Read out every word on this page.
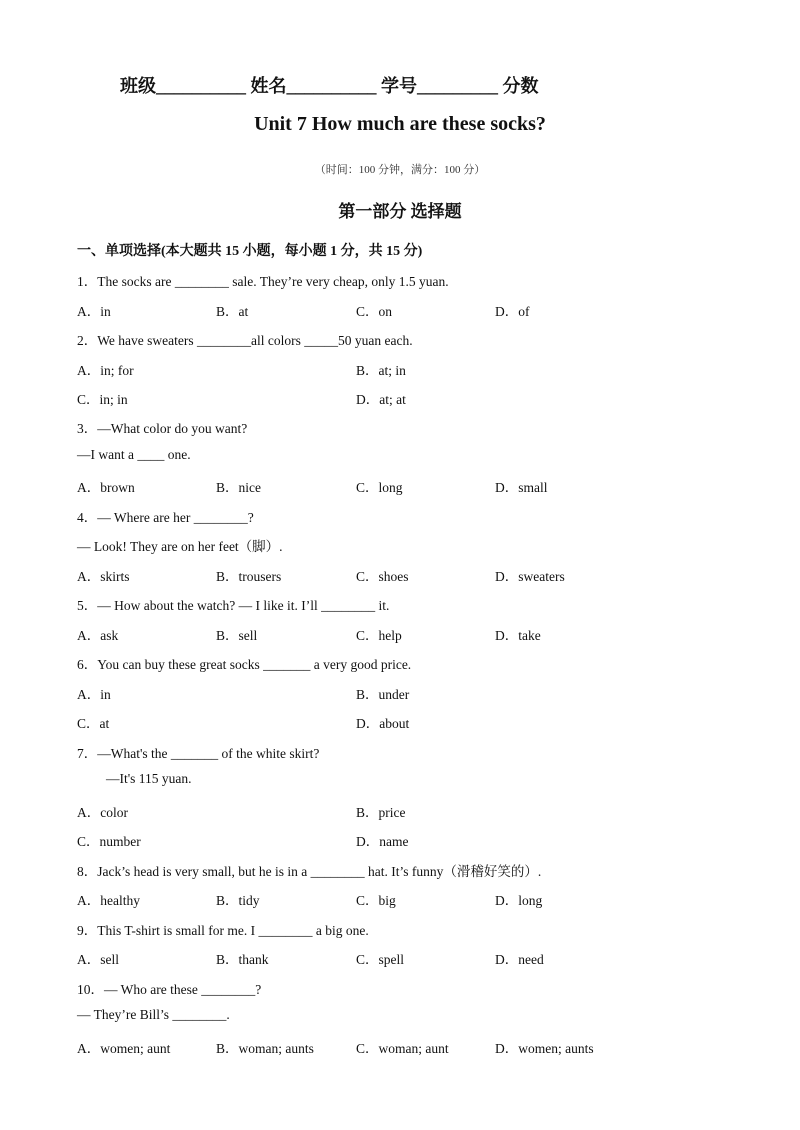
班级__________ 姓名__________ 学号_________ 分数
Unit 7 How much are these socks?
（时间：100 分钟，满分：100 分）
第一部分 选择题
一、单项选择(本大题共 15 小题，每小题 1 分，共 15 分)
1．The socks are ________ sale. They’re very cheap, only 1.5 yuan.
A．in	B．at	C．on	D．of
2．We have sweaters ________all colors _____50 yuan each.
A．in; for	B．at; in
C．in; in	D．at; at
3．—What color do you want?
—I want a ____ one.
A．brown	B．nice	C．long	D．small
4．— Where are her ________?
— Look! They are on her feet（脚）.
A．skirts	B．trousers	C．shoes	D．sweaters
5．— How about the watch? — I like it. I’ll ________ it.
A．ask	B．sell	C．help	D．take
6．You can buy these great socks _______ a very good price.
A．in	B．under
C．at	D．about
7．—What's the _______ of the white skirt?
—It's 115 yuan.
A．color	B．price
C．number	D．name
8．Jack’s head is very small, but he is in a ________ hat. It’s funny（滑稽好笑的）.
A．healthy	B．tidy	C．big	D．long
9．This T-shirt is small for me. I ________ a big one.
A．sell	B．thank	C．spell	D．need
10．— Who are these ________?
— They’re Bill’s ________.
A．women; aunt	B．woman; aunts	C．woman; aunt	D．women; aunts
